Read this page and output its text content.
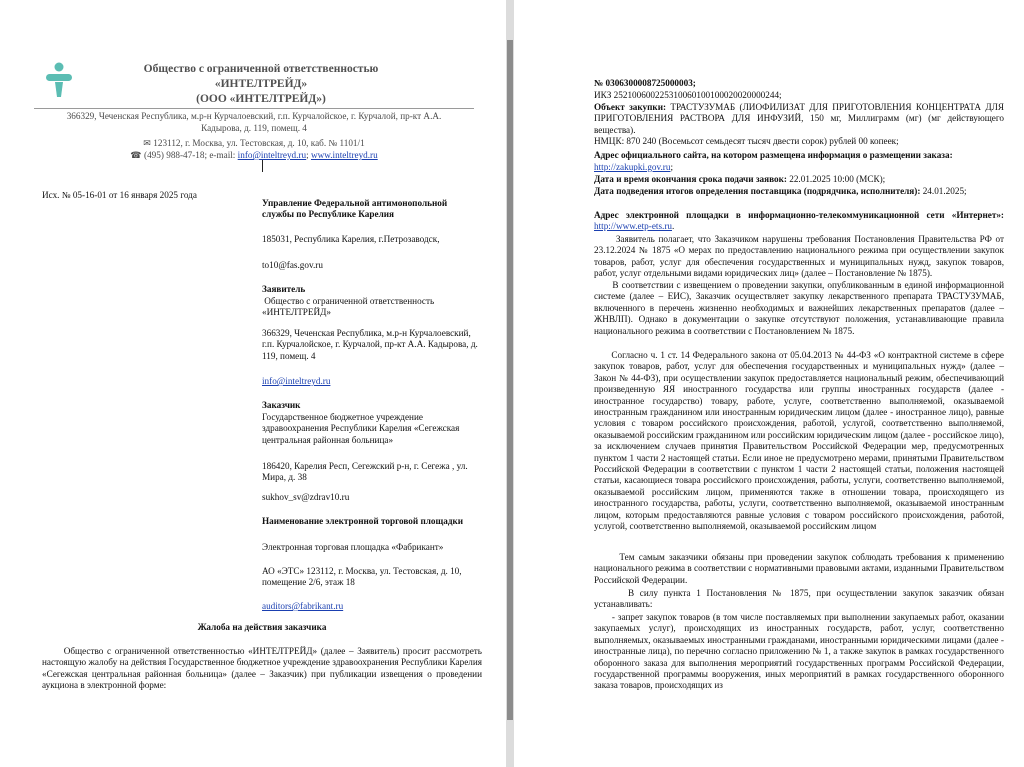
Общество с ограниченной ответственностью

«ИНТЕЛТРЕЙД»

(ООО «ИНТЕЛТРЕЙД»)

366329, Чеченская Республика, м.р-н Курчалоевский, г.п. Курчалойское, г. Курчалой, пр-кт А.А.

Кадырова, д. 119, помещ. 4

✉ 123112, г. Москва, ул. Тестовская, д. 10, каб. № 1101/1

☎ (495) 988-47-18; e-mail: info@inteltreyd.ru; www.inteltreyd.ru

Исх. № 05-16-01 от 16 января 2025 года

Управление Федеральной антимонопольной службы по Республике Карелия

185031, Республика Карелия, г.Петрозаводск,

to10@fas.gov.ru

Заявитель

Общество с ограниченной ответственность «ИНТЕЛТРЕЙД»

366329, Чеченская Республика, м.р-н Курчалоевский, г.п. Курчалойское, г. Курчалой, пр-кт А.А. Кадырова, д. 119, помещ. 4

info@inteltreyd.ru

Заказчик

Государственное бюджетное учреждение здравоохранения Республики Карелия «Сегежская центральная районная больница»

186420, Карелия Респ, Сегежский р-н, г. Сегежа , ул. Мира, д. 38

sukhov_sv@zdrav10.ru

Наименование электронной торговой площадки

Электронная торговая площадка «Фабрикант»

АО «ЭТС» 123112, г. Москва, ул. Тестовская, д. 10, помещение 2/6, этаж 18

auditors@fabrikant.ru

Жалоба на действия заказчика

Общество с ограниченной ответственностью «ИНТЕЛТРЕЙД» (далее – Заявитель) просит рассмотреть настоящую жалобу на действия Государственное бюджетное учреждение здравоохранения Республики Карелия «Сегежская центральная районная больница» (далее – Заказчик) при публикации извещения о проведении аукциона в электронной форме:

№ 0306300008725000003;

ИКЗ 252100600225310060100100020020000244;

Объект закупки: ТРАСТУЗУМАБ (ЛИОФИЛИЗАТ ДЛЯ ПРИГОТОВЛЕНИЯ КОНЦЕНТРАТА ДЛЯ ПРИГОТОВЛЕНИЯ РАСТВОРА ДЛЯ ИНФУЗИЙ, 150 мг, Миллиграмм (мг) (мг действующего вещества).

НМЦК: 870 240 (Восемьсот семьдесят тысяч двести сорок) рублей 00 копеек;

Адрес официального сайта, на котором размещена информация о размещении заказа:

http://zakupki.gov.ru;

Дата и время окончания срока подачи заявок: 22.01.2025 10:00 (МСК);

Дата подведения итогов определения поставщика (подрядчика, исполнителя): 24.01.2025;

Адрес электронной площадки в информационно-телекоммуникационной сети «Интернет»: http://www.etp-ets.ru.

Заявитель полагает, что Заказчиком нарушены требования Постановления Правительства РФ от 23.12.2024 № 1875 «О мерах по предоставлению национального режима при осуществлении закупок товаров, работ, услуг для обеспечения государственных и муниципальных нужд, закупок товаров, работ, услуг отдельными видами юридических лиц» (далее – Постановление № 1875).

В соответствии с извещением о проведении закупки, опубликованным в единой информационной системе (далее – ЕИС), Заказчик осуществляет закупку лекарственного препарата ТРАСТУЗУМАБ, включенного в перечень жизненно необходимых и важнейших лекарственных препаратов (далее – ЖНВЛП). Однако в документации о закупке отсутствуют положения, устанавливающие правила национального режима в соответствии с Постановлением № 1875.

Согласно ч. 1 ст. 14 Федерального закона от 05.04.2013 № 44-ФЗ «О контрактной системе в сфере закупок товаров, работ, услуг для обеспечения государственных и муниципальных нужд» (далее – Закон № 44-ФЗ), при осуществлении закупок предоставляется национальный режим, обеспечивающий произведенную ЯЯ иностранного государства или группы иностранных государств (далее - иностранное государство) товару, работе, услуге, соответственно выполняемой, оказываемой иностранным гражданином или иностранным юридическим лицом (далее - иностранное лицо), равные условия с товаром российского происхождения, работой, услугой, соответственно выполняемой, оказываемой российским гражданином или российским юридическим лицом (далее - российское лицо), за исключением случаев принятия Правительством Российской Федерации мер, предусмотренных пунктом 1 части 2 настоящей статьи. Если иное не предусмотрено мерами, принятыми Правительством Российской Федерации в соответствии с пунктом 1 части 2 настоящей статьи, положения настоящей статьи, касающиеся товара российского происхождения, работы, услуги, соответственно выполняемой, оказываемой российским лицом, применяются также в отношении товара, происходящего из иностранного государства, работы, услуги, соответственно выполняемой, оказываемой иностранным лицом, которым предоставляются равные условия с товаром российского происхождения, работой, услугой, соответственно выполняемой, оказываемой российским лицом

Тем самым заказчики обязаны при проведении закупок соблюдать требования к применению национального режима в соответствии с нормативными правовыми актами, изданными Правительством Российской Федерации.

В силу пункта 1 Постановления № 1875, при осуществлении закупок заказчик обязан устанавливать:

- запрет закупок товаров (в том числе поставляемых при выполнении закупаемых работ, оказании закупаемых услуг), происходящих из иностранных государств, работ, услуг, соответственно выполняемых, оказываемых иностранными гражданами, иностранными юридическими лицами (далее - иностранные лица), по перечню согласно приложению № 1, а также закупок в рамках государственного оборонного заказа для выполнения мероприятий государственных программ Российской Федерации, государственной программы вооружения, иных мероприятий в рамках государственного оборонного заказа товаров, происходящих из
